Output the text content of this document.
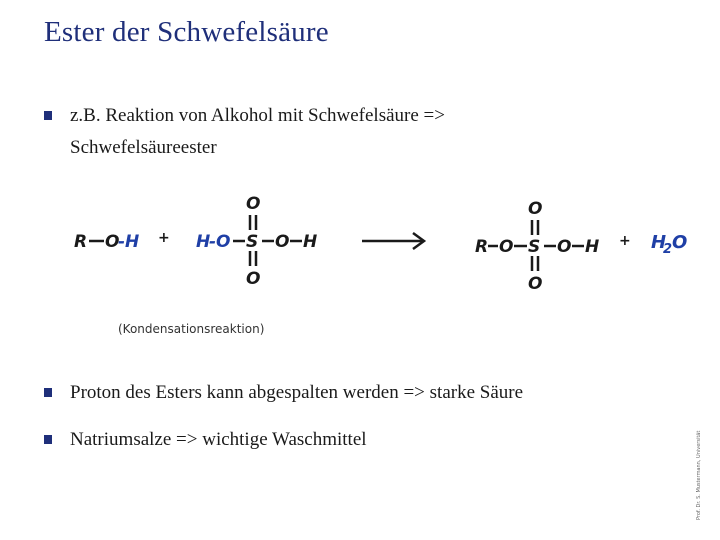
Ester der Schwefelsäure
z.B. Reaktion von Alkohol mit Schwefelsäure => Schwefelsäureester
R O
-H + H
-O S O H
O
O
R O S O H
O
O
+ H
2 O
(Kondensationsreaktion)
Proton des Esters kann abgespalten werden => starke Säure
Natriumsalze => wichtige Waschmittel	Prof. Dr. S. Mustermann, Universität
